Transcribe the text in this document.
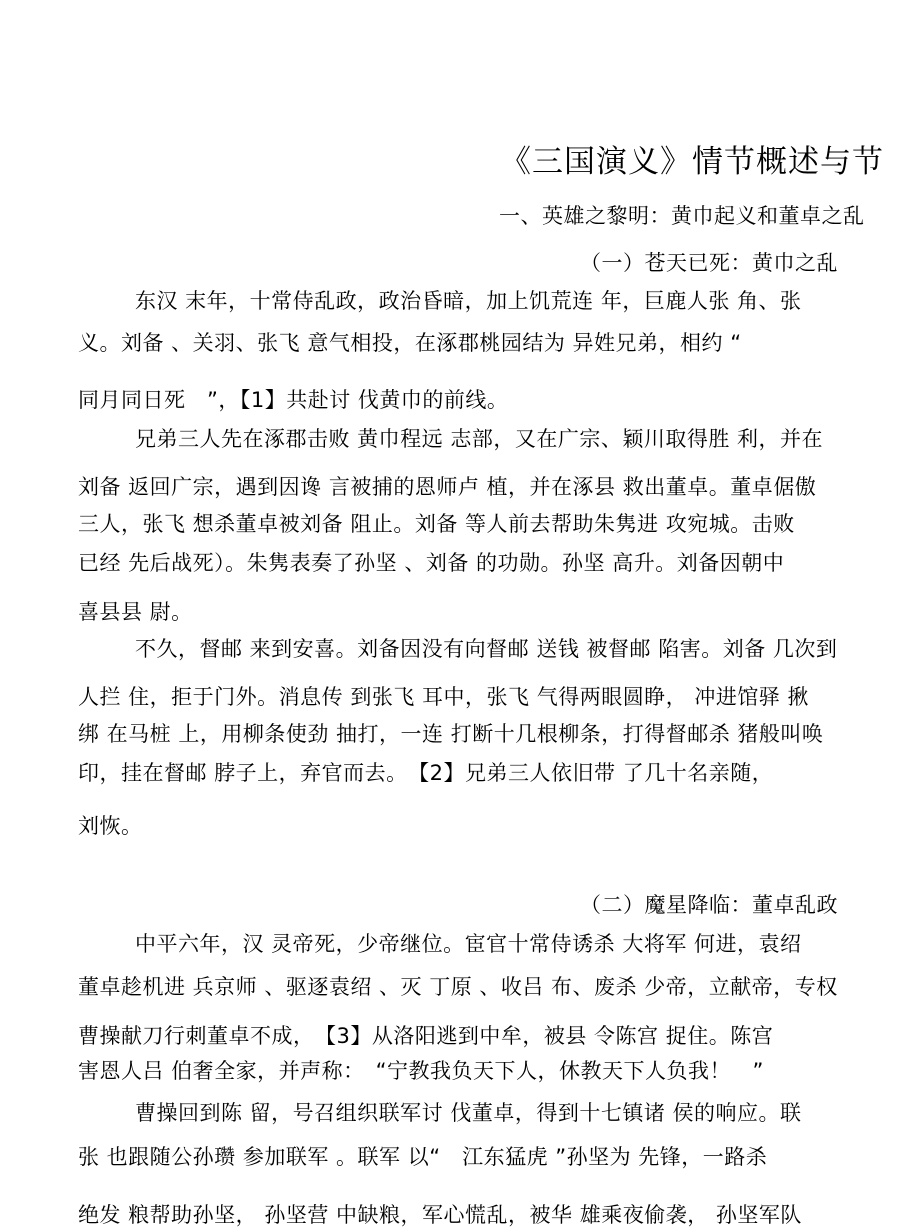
《三国演义》情节概述与节
一、英雄之黎明：黄巾起义和董卓之乱
（一）苍天已死：黄巾之乱
东汉 末年，十常侍乱政，政治昏暗，加上饥荒连 年，巨鹿人张 角、张
义。刘备 、关羽、张飞 意气相投，在涿郡桃园结为 异姓兄弟，相约 “
同月同日死　”，【1】共赴讨 伐黄巾的前线。
兄弟三人先在涿郡击败 黄巾程远 志部，又在广宗、颖川取得胜 利，并在
刘备 返回广宗，遇到因谗 言被捕的恩师卢 植，并在涿县 救出董卓。董卓倨傲
三人，张飞 想杀董卓被刘备 阻止。刘备 等人前去帮助朱隽进 攻宛城。击败
已经 先后战死）。朱隽表奏了孙坚 、刘备 的功勋。孙坚 高升。刘备因朝中
喜县县 尉。
不久，督邮 来到安喜。刘备因没有向督邮 送钱 被督邮 陷害。刘备 几次到
人拦 住，拒于门外。消息传 到张飞 耳中，张飞 气得两眼圆睁， 冲进馆驿 揪
绑 在马桩 上，用柳条使劲 抽打，一连 打断十几根柳条，打得督邮杀 猪般叫唤
印，挂在督邮 脖子上，弃官而去。　【2】兄弟三人依旧带 了几十名亲随，
刘恢。
（二）魔星降临：董卓乱政
中平六年，汉 灵帝死，少帝继位。宦官十常侍诱杀 大将军 何进，袁绍
董卓趁机进 兵京师 、驱逐袁绍 、灭 丁原 、收吕 布、废杀 少帝，立献帝，专权
曹操献刀行刺董卓不成，　【3】从洛阳逃到中牟，被县 令陈宫 捉住。陈宫
害恩人吕 伯奢全家，并声称：　“宁教我负天下人，休教天下人负我！　”
曹操回到陈 留，号召组织联军讨 伐董卓，得到十七镇诸 侯的响应。联
张 也跟随公孙瓒 参加联军 。联军 以“　江东猛虎 ”孙坚为 先锋，一路杀
绝发 粮帮助孙坚， 孙坚营 中缺粮，军心慌乱，被华 雄乘夜偷袭， 孙坚军队
